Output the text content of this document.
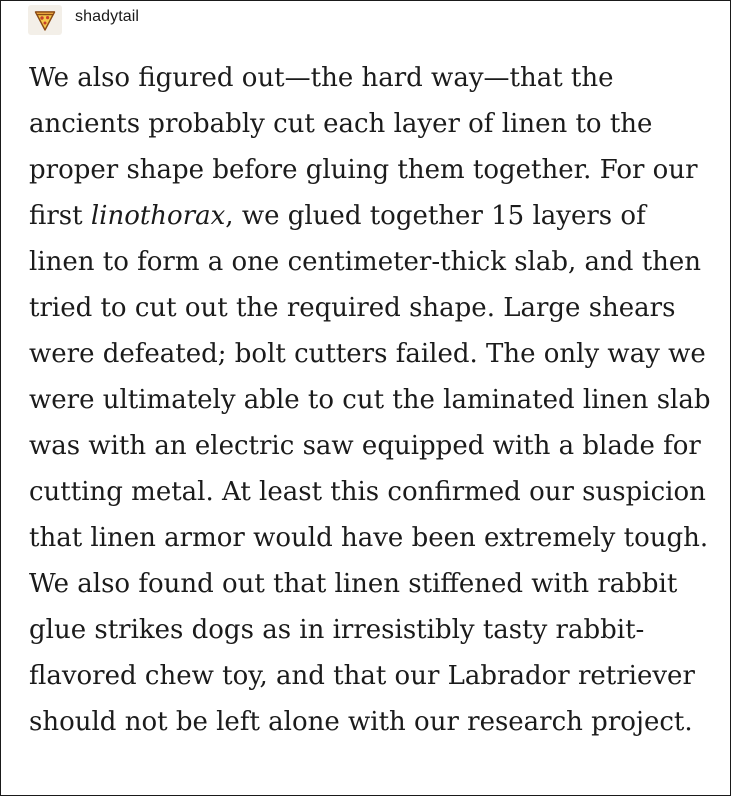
shadytail

We also figured out—the hard way—that the ancients probably cut each layer of linen to the proper shape before gluing them together. For our first linothorax, we glued together 15 layers of linen to form a one centimeter-thick slab, and then tried to cut out the required shape. Large shears were defeated; bolt cutters failed. The only way we were ultimately able to cut the laminated linen slab was with an electric saw equipped with a blade for cutting metal. At least this confirmed our suspicion that linen armor would have been extremely tough. We also found out that linen stiffened with rabbit glue strikes dogs as in irresistibly tasty rabbit-flavored chew toy, and that our Labrador retriever should not be left alone with our research project.
